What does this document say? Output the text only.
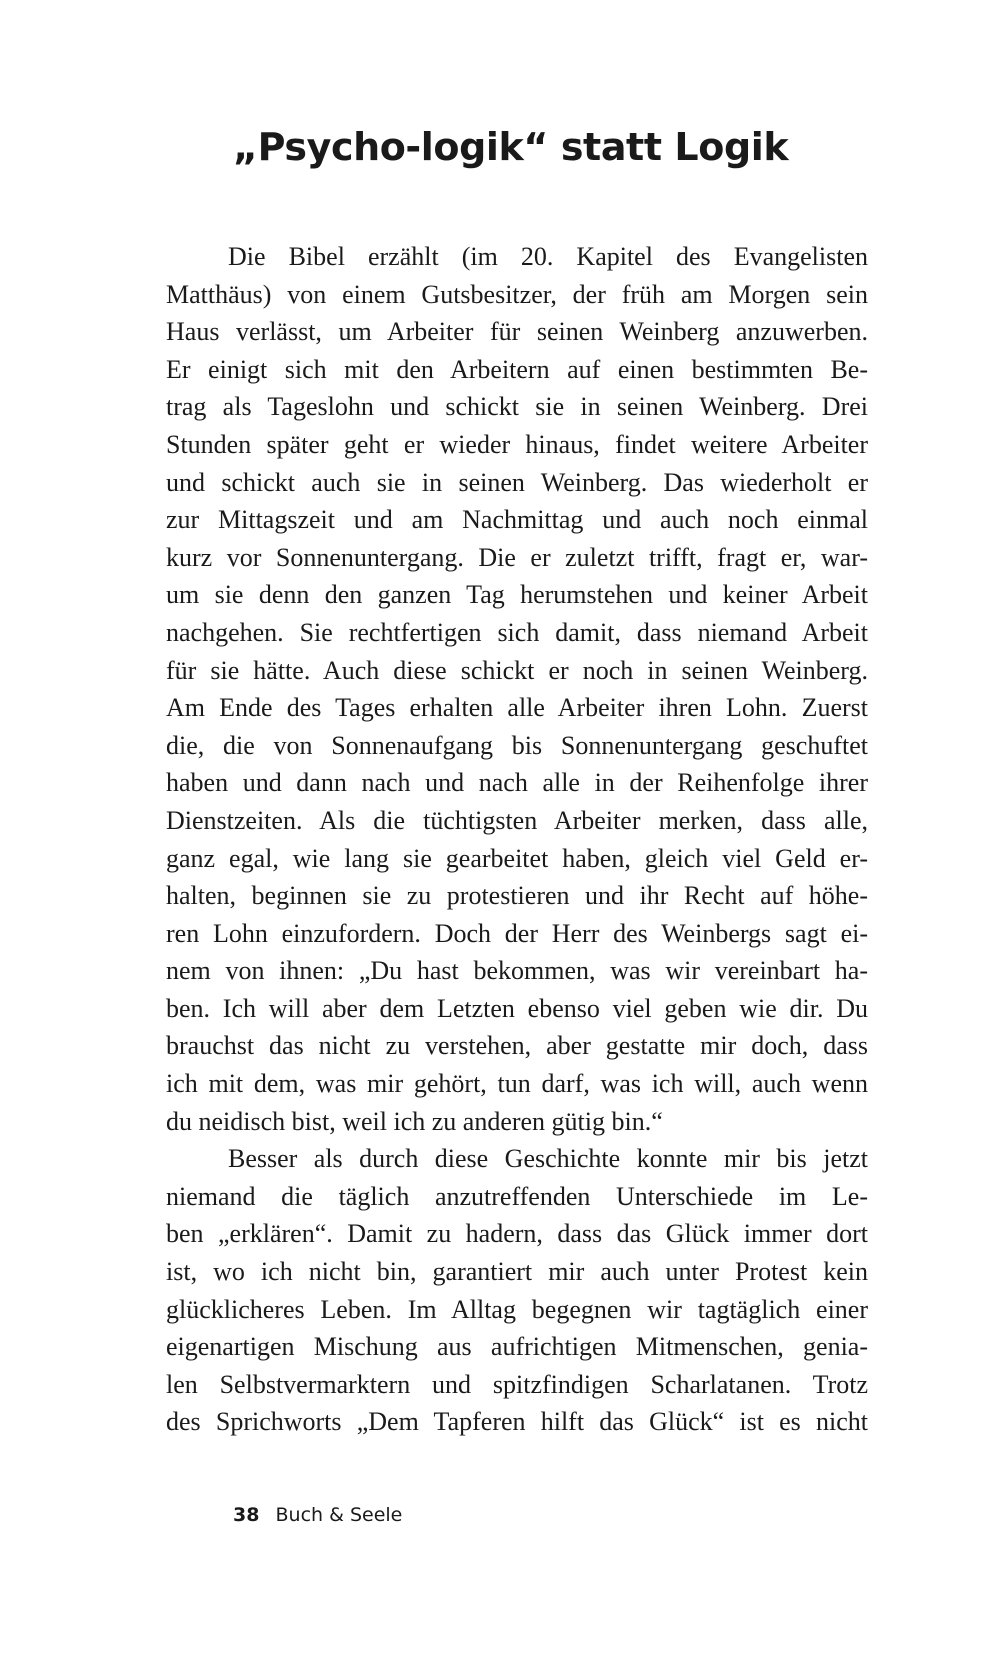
„Psycho-logik“ statt Logik
Die Bibel erzählt (im 20. Kapitel des Evangelisten
Matthäus) von einem Gutsbesitzer, der früh am Morgen sein
Haus verlässt, um Arbeiter für seinen Weinberg anzuwerben.
Er einigt sich mit den Arbeitern auf einen bestimmten Be-
trag als Tageslohn und schickt sie in seinen Weinberg. Drei
Stunden später geht er wieder hinaus, findet weitere Arbeiter
und schickt auch sie in seinen Weinberg. Das wiederholt er
zur Mittagszeit und am Nachmittag und auch noch einmal
kurz vor Sonnenuntergang. Die er zuletzt trifft, fragt er, war-
um sie denn den ganzen Tag herumstehen und keiner Arbeit
nachgehen. Sie rechtfertigen sich damit, dass niemand Arbeit
für sie hätte. Auch diese schickt er noch in seinen Weinberg.
Am Ende des Tages erhalten alle Arbeiter ihren Lohn. Zuerst
die, die von Sonnenaufgang bis Sonnenuntergang geschuftet
haben und dann nach und nach alle in der Reihenfolge ihrer
Dienstzeiten. Als die tüchtigsten Arbeiter merken, dass alle,
ganz egal, wie lang sie gearbeitet haben, gleich viel Geld er-
halten, beginnen sie zu protestieren und ihr Recht auf höhe-
ren Lohn einzufordern. Doch der Herr des Weinbergs sagt ei-
nem von ihnen: „Du hast bekommen, was wir vereinbart ha-
ben. Ich will aber dem Letzten ebenso viel geben wie dir. Du
brauchst das nicht zu verstehen, aber gestatte mir doch, dass
ich mit dem, was mir gehört, tun darf, was ich will, auch wenn
du neidisch bist, weil ich zu anderen gütig bin.“
Besser als durch diese Geschichte konnte mir bis jetzt
niemand die täglich anzutreffenden Unterschiede im Le-
ben „erklären“. Damit zu hadern, dass das Glück immer dort
ist, wo ich nicht bin, garantiert mir auch unter Protest kein
glücklicheres Leben. Im Alltag begegnen wir tagtäglich einer
eigenartigen Mischung aus aufrichtigen Mitmenschen, genia-
len Selbstvermarktern und spitzfindigen Scharlatanen. Trotz
des Sprichworts „Dem Tapferen hilft das Glück“ ist es nicht
38 Buch & Seele
